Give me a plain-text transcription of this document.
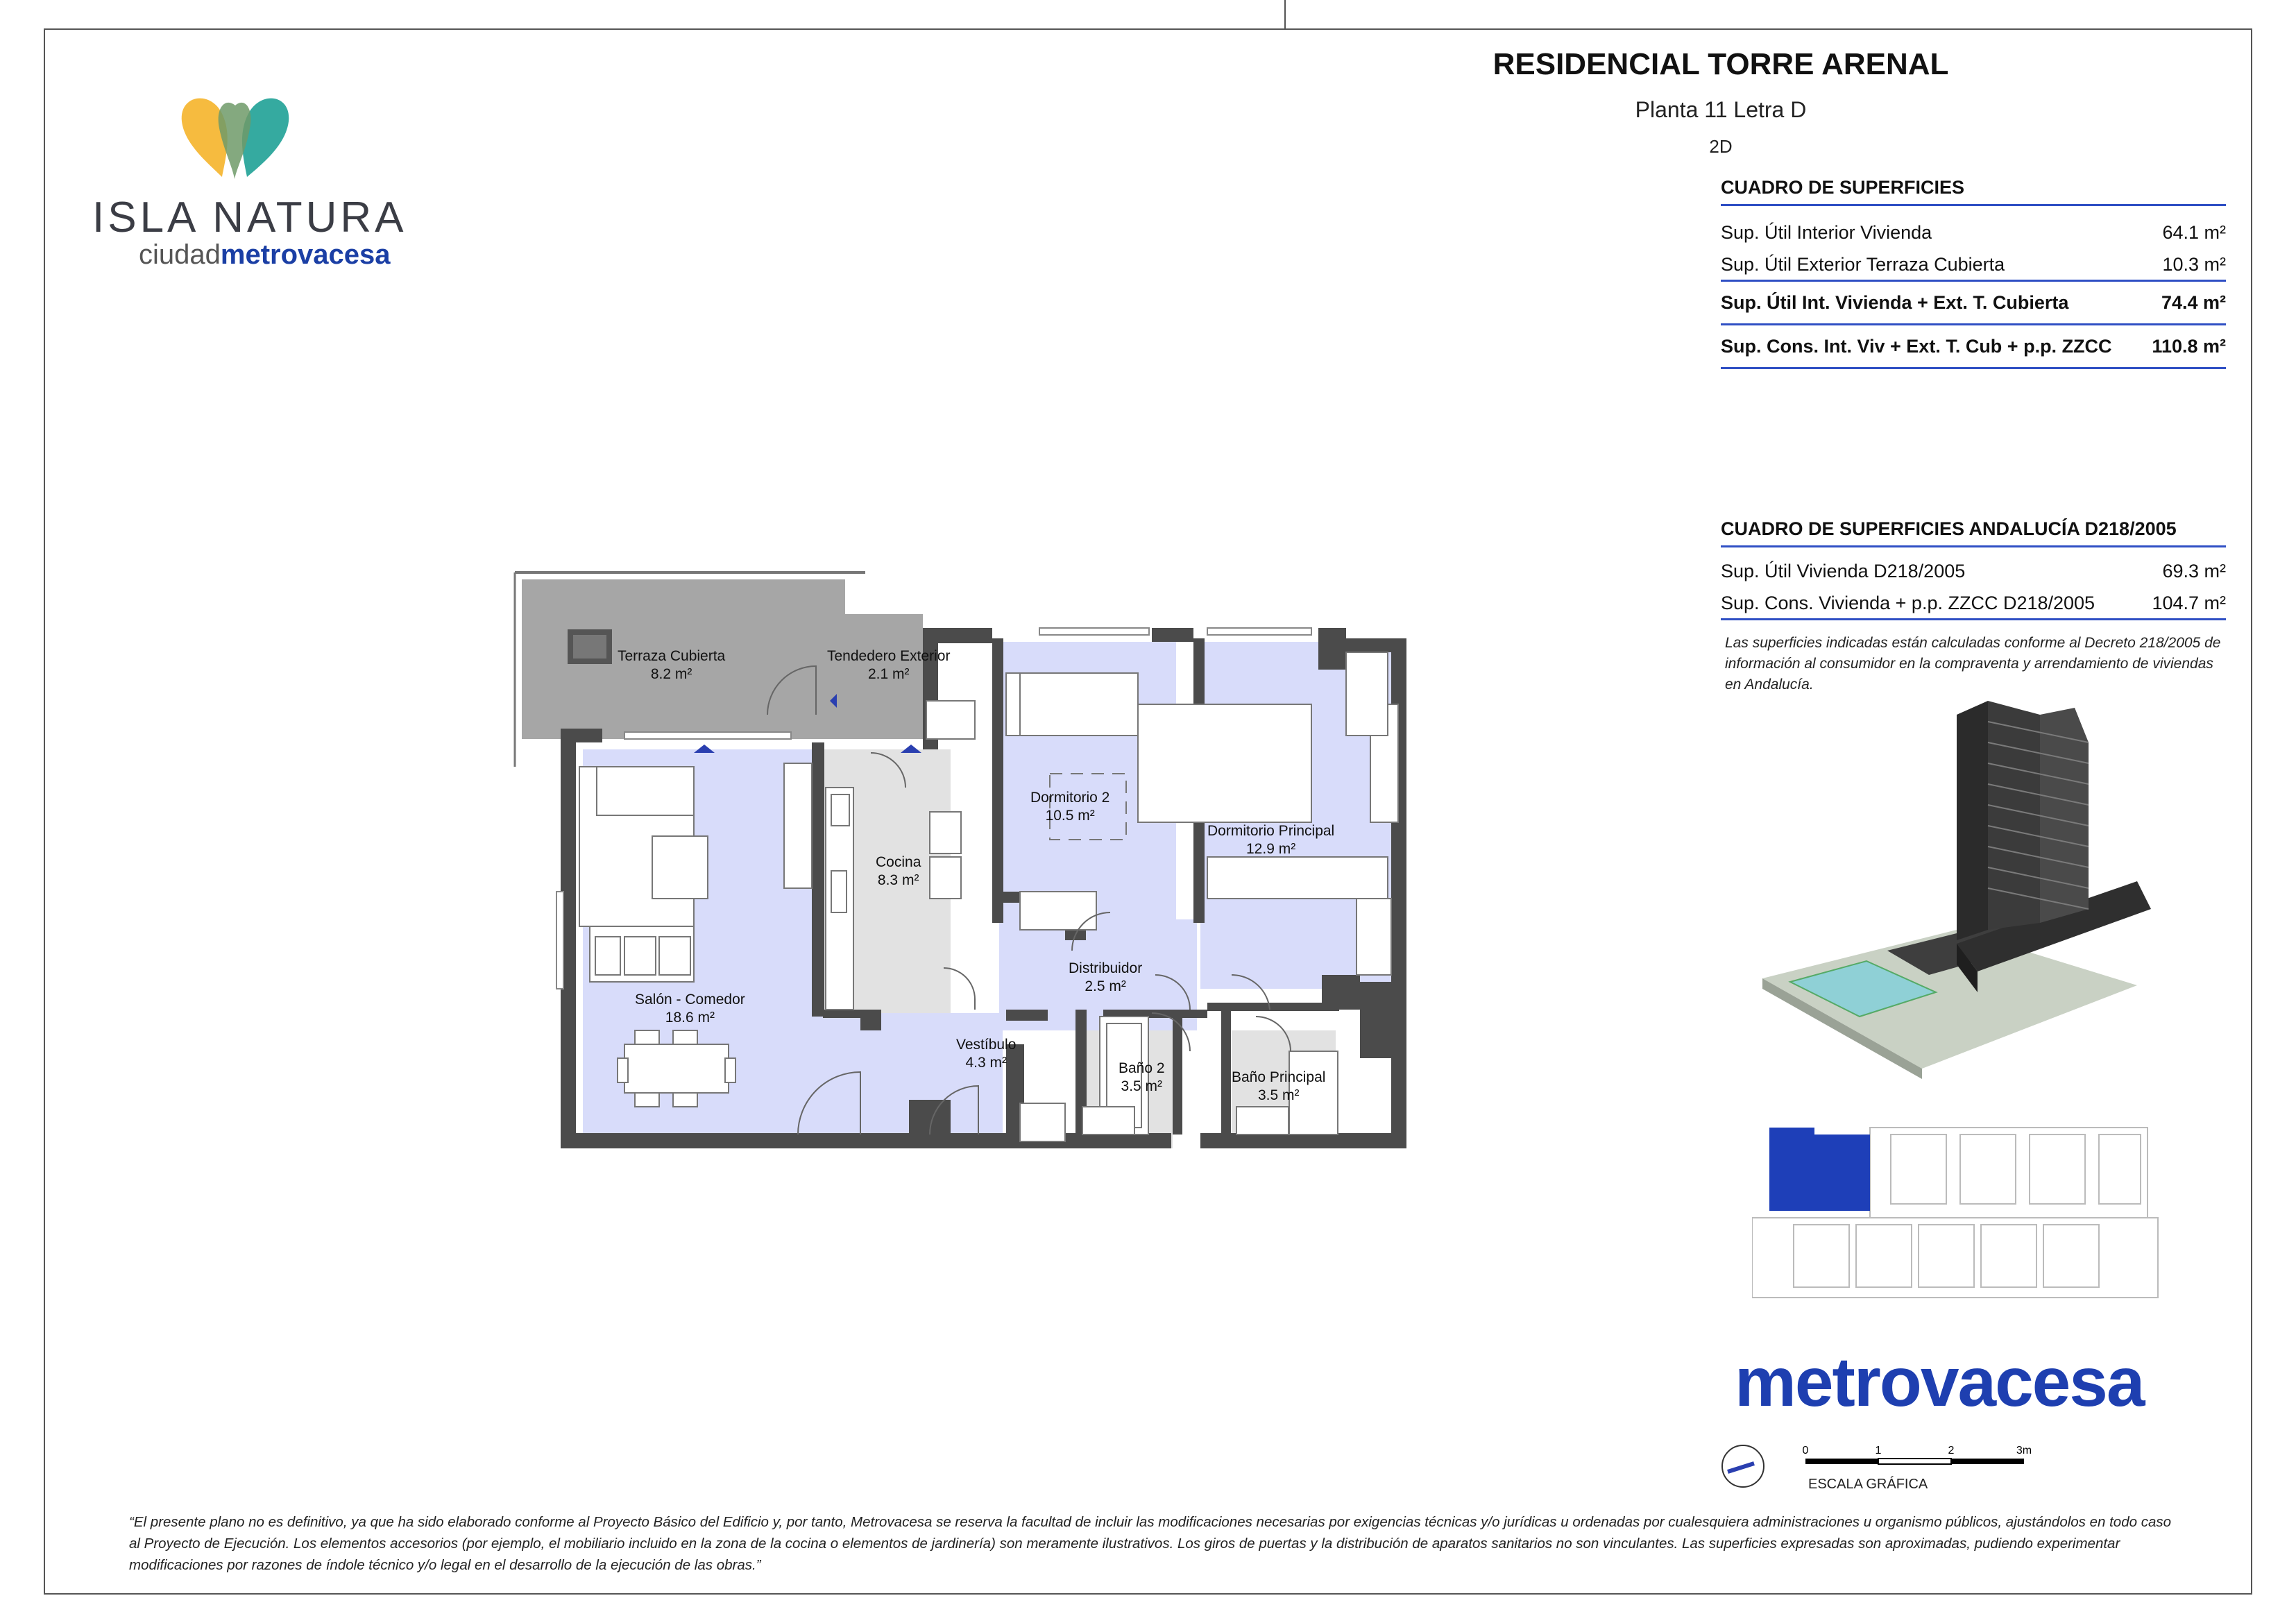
ISLA NATURA
ciudadmetrovacesa
RESIDENCIAL TORRE ARENAL
Planta 11 Letra D
2D
CUADRO DE SUPERFICIES
Sup. Útil Interior Vivienda	64.1 m²
Sup. Útil Exterior Terraza Cubierta	10.3 m²
Sup. Útil Int. Vivienda + Ext. T. Cubierta	74.4 m²
Sup. Cons. Int. Viv + Ext. T. Cub + p.p. ZZCC 110.8 m²
CUADRO DE SUPERFICIES ANDALUCÍA D218/2005
Sup. Útil Vivienda D218/2005	69.3 m²
Sup. Cons. Vivienda + p.p. ZZCC D218/2005	104.7 m²
Las superficies indicadas están calculadas conforme al Decreto 218/2005 de información al consumidor en la compraventa y arrendamiento de viviendas en Andalucía.
Terraza Cubierta
8.2 m²
Tendedero Exterior
2.1 m²
Dormitorio 2
10.5 m²
Dormitorio Principal
12.9 m²
Cocina
8.3 m²
Distribuidor
2.5 m²
Salón - Comedor
18.6 m²
Vestíbulo
4.3 m²	Baño 2
3.5 m²
Baño Principal
3.5 m²
metrovacesa
0	1	2	3m
ESCALA GRÁFICA
“El presente plano no es definitivo, ya que ha sido elaborado conforme al Proyecto Básico del Edificio y, por tanto, Metrovacesa se reserva la facultad de incluir las modificaciones necesarias por exigencias técnicas y/o jurídicas u ordenadas por cualesquiera administraciones u organismo públicos, ajustándolos en todo caso al Proyecto de Ejecución. Los elementos accesorios (por ejemplo, el mobiliario incluido en la zona de la cocina o elementos de jardinería) son meramente ilustrativos. Los giros de puertas y la distribución de aparatos sanitarios no son vinculantes. Las superficies expresadas son aproximadas, pudiendo experimentar modificaciones por razones de índole técnico y/o legal en el desarrollo de la ejecución de las obras.”
